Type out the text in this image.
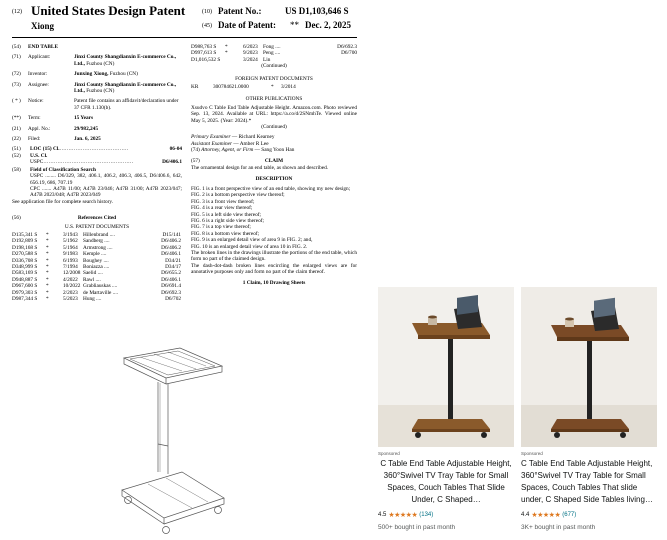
(12) United States Design Patent
Xiong
(10) Patent No.:	US D1,103,646 S
(45) Date of Patent: ** Dec. 2, 2025
(54) END TABLE

(71) Applicant:	Jinxi County Shangdianxin E-commerce Co., Ltd., Fuzhou (CN)
(72) Inventor:	Junxing Xiong, Fuzhou (CN)
(73) Assignee:	Jinxi County Shangdianxin E-commerce Co., Ltd., Fuzhou (CN)
( * ) Notice:	Patent file contains an affidavit/declaration under 37 CFR 1.130(b).
(**) Term:	15 Years
(21) Appl. No.:	29/982,245
(22) Filed:	Jan. 6, 2025
(51) LOC (15) Cl. …………………………………	06-04
(52) U.S. Cl.
USPC ……………………………………………	D6/406.1
(58) Field of Classification Search
USPC ........ D6/329, 382, 406.1, 406.2, 406.3, 406.5, D6/406.6, 642, 656.19, 686, 707.19
CPC ....... A47B 11/00; A47B 23/046; A47B 31/00; A47B 2023/047; A47B 2023/048; A47B 2023/049
See application file for complete search history.
(56)	References Cited
U.S. PATENT DOCUMENTS
D135,341 S	*	3/1943 Hillenbrand ....	D15/141
D192,809 S	*	5/1962 Sandberg ....	D6/406.2
D198,168 S	*	5/1964 Armstrong ....	D6/406.2
D270,588 S	*	9/1983 Kemple ....	D6/406.1
D336,708 S	*	6/1993 Boughey ....	D34/21
D348,999 S	*	7/1994 Boniazza ....	D34/17
D583,169 S	*	12/2008 Saelid ....	D6/655.2
D948,887 S	*	4/2022 Rawl ....	D6/406.1
D967,600 S	*	10/2022 Grabliauskas ....	D6/691.4
D979,303 S	*	2/2023 de Martaville ....	D6/692.3
D987,344 S	*	5/2023 Hung ....	D6/702
D988,763 S	*	6/2023 Fong ....	D6/692.3
D997,613 S	*	9/2023 Peng ....	D6/700
D1,016,532 S	3/2024 Lin
(Continued)
FOREIGN PATENT DOCUMENTS
KR	300784621.0000	*	3/2014
OTHER PUBLICATIONS
Xsudvo C Table End Table Adjustable Height. Amazon.com. Photo reviewed Sep. 13, 2024. Available at URL: https://a.co/d/2SNmhTe. Viewed online May 5, 2025. (Year: 2024).*
(Continued)
Primary Examiner — Richard Kearney
Assistant Examiner — Amber R Lee
(74) Attorney, Agent, or Firm — Sang Yoon Han
(57)	CLAIM
The ornamental design for an end table, as shown and described.
DESCRIPTION
FIG. 1 is a front perspective view of an end table, showing my new design;
FIG. 2 is a bottom perspective view thereof;
FIG. 3 is a front view thereof;
FIG. 4 is a rear view thereof;
FIG. 5 is a left side view thereof;
FIG. 6 is a right side view thereof;
FIG. 7 is a top view thereof;
FIG. 8 is a bottom view thereof;
FIG. 9 is an enlarged detail view of area 9 in FIG. 2; and,
FIG. 10 is an enlarged detail view of area 10 in FIG. 2.
The broken lines in the drawings illustrate the portions of the end table, which form no part of the claimed design.
The dash-dot-dash broken lines encircling the enlarged views are for annotative purposes only and form no part of the claim thereof.
1 Claim, 10 Drawing Sheets
Sponsored
C Table End Table Adjustable Height, 360°Swivel TV Tray Table for Small Spaces, Couch Tables That Slide Under, C Shaped…
4.5 ★★★★★ (134)
500+ bought in past month
Sponsored
C Table End Table Adjustable Height, 360°Swivel TV Tray Table for Small Spaces, Couch Tables That slide under, C Shaped Side Tables living…
4.4 ★★★★★ (677)
3K+ bought in past month
